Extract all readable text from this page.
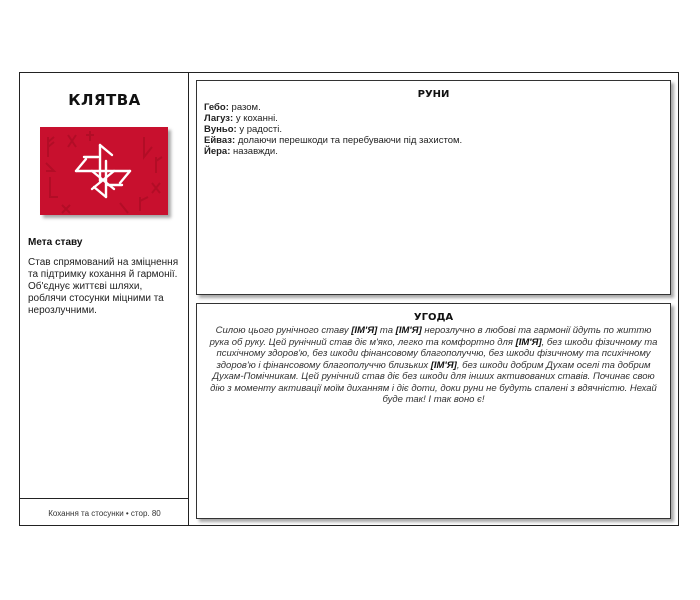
КЛЯТВА
Мета ставу
Став спрямований на зміцнення та підтримку кохання й гармонії. Об'єднує життєві шляхи, роблячи стосунки міцними та нерозлучними.
Кохання та стосунки • стор. 80
РУНИ
Гебо: разом.
Лагуз: у коханні.
Вуньо: у радості.
Ейваз: долаючи перешкоди та перебуваючи під захистом.
Йера: назавжди.
УГОДА
Силою цього рунічного ставу [ІМ'Я] та [ІМ'Я] нерозлучно в любові та гармонії йдуть по життю рука об руку. Цей рунічний став діє м'яко, легко та комфортно для [ІМ'Я], без шкоди фізичному та психічному здоров'ю, без шкоди фінансовому благополуччю, без шкоди фізичному та психічному здоров'ю і фінансовому благополуччю близьких [ІМ'Я], без шкоди добрим Духам оселі та добрим Духам-Помічникам. Цей рунічний став діє без шкоди для інших активованих ставів. Починає свою дію з моменту активації моїм диханням і діє доти, доки руни не будуть спалені з вдячністю. Нехай буде так! І так воно є!
